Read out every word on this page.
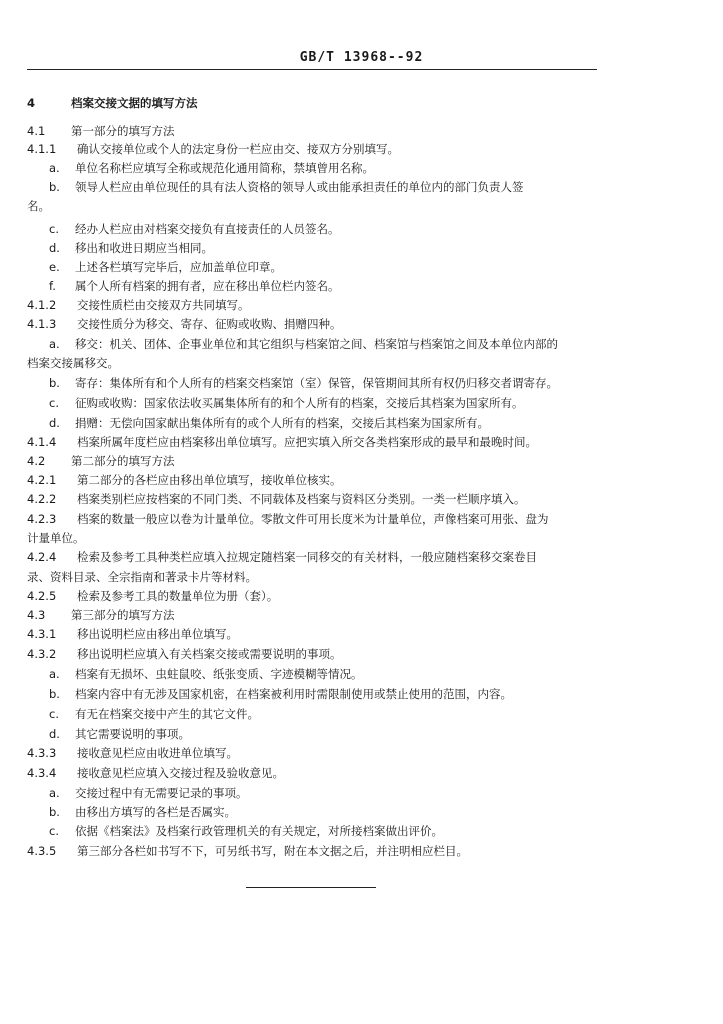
GB/T 13968--92
4	档案交接文据的填写方法
4.1 第一部分的填写方法
4.1.1 确认交接单位或个人的法定身份一栏应由交、接双方分别填写。
a. 单位名称栏应填写全称或规范化通用简称，禁填曾用名称。
b. 领导人栏应由单位现任的具有法人资格的领导人或由能承担责任的单位内的部门负责人签
名。
c. 经办人栏应由对档案交接负有直接责任的人员签名。
d. 移出和收进日期应当相同。
e. 上述各栏填写完毕后，应加盖单位印章。
f. 属个人所有档案的拥有者，应在移出单位栏内签名。
4.1.2 交接性质栏由交接双方共同填写。
4.1.3 交接性质分为移交、寄存、征购或收购、捐赠四种。
a. 移交：机关、团体、企事业单位和其它组织与档案馆之间、档案馆与档案馆之间及本单位内部的
档案交接属移交。
b. 寄存：集体所有和个人所有的档案交档案馆（室）保管，保管期间其所有权仍归移交者谓寄存。
c. 征购或收购：国家依法收买属集体所有的和个人所有的档案，交接后其档案为国家所有。
d. 捐赠：无偿向国家献出集体所有的或个人所有的档案，交接后其档案为国家所有。
4.1.4 档案所属年度栏应由档案移出单位填写。应把实填入所交各类档案形成的最早和最晚时间。
4.2 第二部分的填写方法
4.2.1 第二部分的各栏应由移出单位填写，接收单位核实。
4.2.2 档案类别栏应按档案的不同门类、不同载体及档案与资料区分类别。一类一栏顺序填入。
4.2.3 档案的数量一般应以卷为计量单位。零散文件可用长度米为计量单位，声像档案可用张、盘为
计量单位。
4.2.4 检索及参考工具种类栏应填入拉规定随档案一同移交的有关材料，一般应随档案移交案卷目
录、资料目录、全宗指南和著录卡片等材料。
4.2.5 检索及参考工具的数量单位为册（套）。
4.3 第三部分的填写方法
4.3.1 移出说明栏应由移出单位填写。
4.3.2 移出说明栏应填入有关档案交接或需要说明的事项。
a. 档案有无损坏、虫蛀鼠咬、纸张变质、字迹模糊等情况。
b. 档案内容中有无涉及国家机密，在档案被利用时需限制使用或禁止使用的范围，内容。
c. 有无在档案交接中产生的其它文件。
d. 其它需要说明的事项。
4.3.3 接收意见栏应由收进单位填写。
4.3.4 接收意见栏应填入交接过程及验收意见。
a. 交接过程中有无需要记录的事项。
b. 由移出方填写的各栏是否属实。
c. 依据《档案法》及档案行政管理机关的有关规定，对所接档案做出评价。
4.3.5 第三部分各栏如书写不下，可另纸书写，附在本文据之后，并注明相应栏目。
